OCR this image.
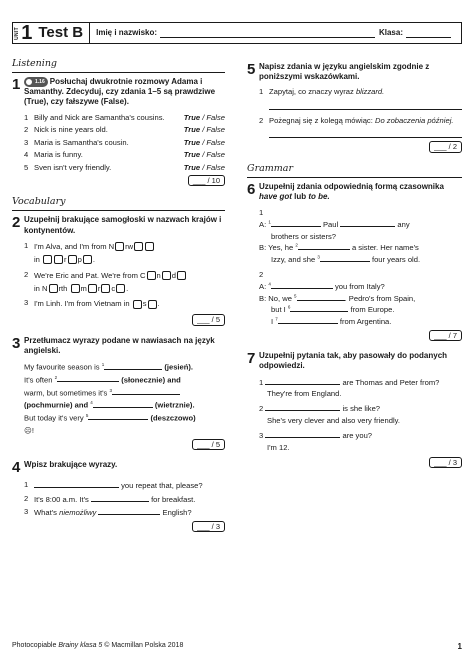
UNIT 1 Test B Imię i nazwisko:	Klasa:
Listening
1	1.16 Posłuchaj dwukrotnie rozmowy Adama i Samanthy. Zdecyduj, czy zdania 1–5 są prawdziwe (True), czy fałszywe (False).
1 Billy and Nick are Samantha's cousins.	True / False
2 Nick is nine years old.	True / False
3 Maria is Samantha's cousin.	True / False
4 Maria is funny.	True / False
5 Sven isn't very friendly.	True / False
___ / 10
Vocabulary
2 Uzupełnij brakujące samogłoski w nazwach krajów i kontynentów.
1 I'm Alva, and I'm from N rw
in	r p .
2 We're Eric and Pat. We're from C n d
in N rth m r c .
3 I'm Linh. I'm from Vietnam in s .
___ / 5
3 Przetłumacz wyrazy podane w nawiasach na język angielski.
My favourite season is $^1$	(jesień).
It's often $^2$	(słonecznie) and
warm, but sometimes it's $^3$
(pochmurnie) and $^4$	(wietrznie).
But today it's very $^5$	(deszczowo)
☹!
___ / 5
4 Wpisz brakujące wyrazy.
1	you repeat that, please?
2 It's 8:00 a.m. It's	for breakfast.
3 What's niemożliwy	English?
___ / 3
5 Napisz zdania w języku angielskim zgodnie z poniższymi wskazówkami.
1 Zapytaj, co znaczy wyraz blizzard.
2 Pożegnaj się z kolegą mówiąc: Do zobaczenia później.
___ / 2
Grammar
6 Uzupełnij zdania odpowiednią formą czasownika have got lub to be.
1
A: $^1$	Paul	any
brothers or sisters?
B: Yes, he $^2$	a sister. Her name's
Izzy, and she $^3$	four years old.
2
A: $^4$	you from Italy?
B: No, we $^5$	. Pedro's from Spain,
but I $^6$	from Europe.
I $^7$	from Argentina.
___ / 7
7 Uzupełnij pytania tak, aby pasowały do podanych odpowiedzi.
1	are Thomas and Peter from?
They're from England.
2	is she like?
She's very clever and also very friendly.
3	are you?
I'm 12.
___ / 3
Photocopiable Brainy klasa 5 © Macmillan Polska 2018	1
